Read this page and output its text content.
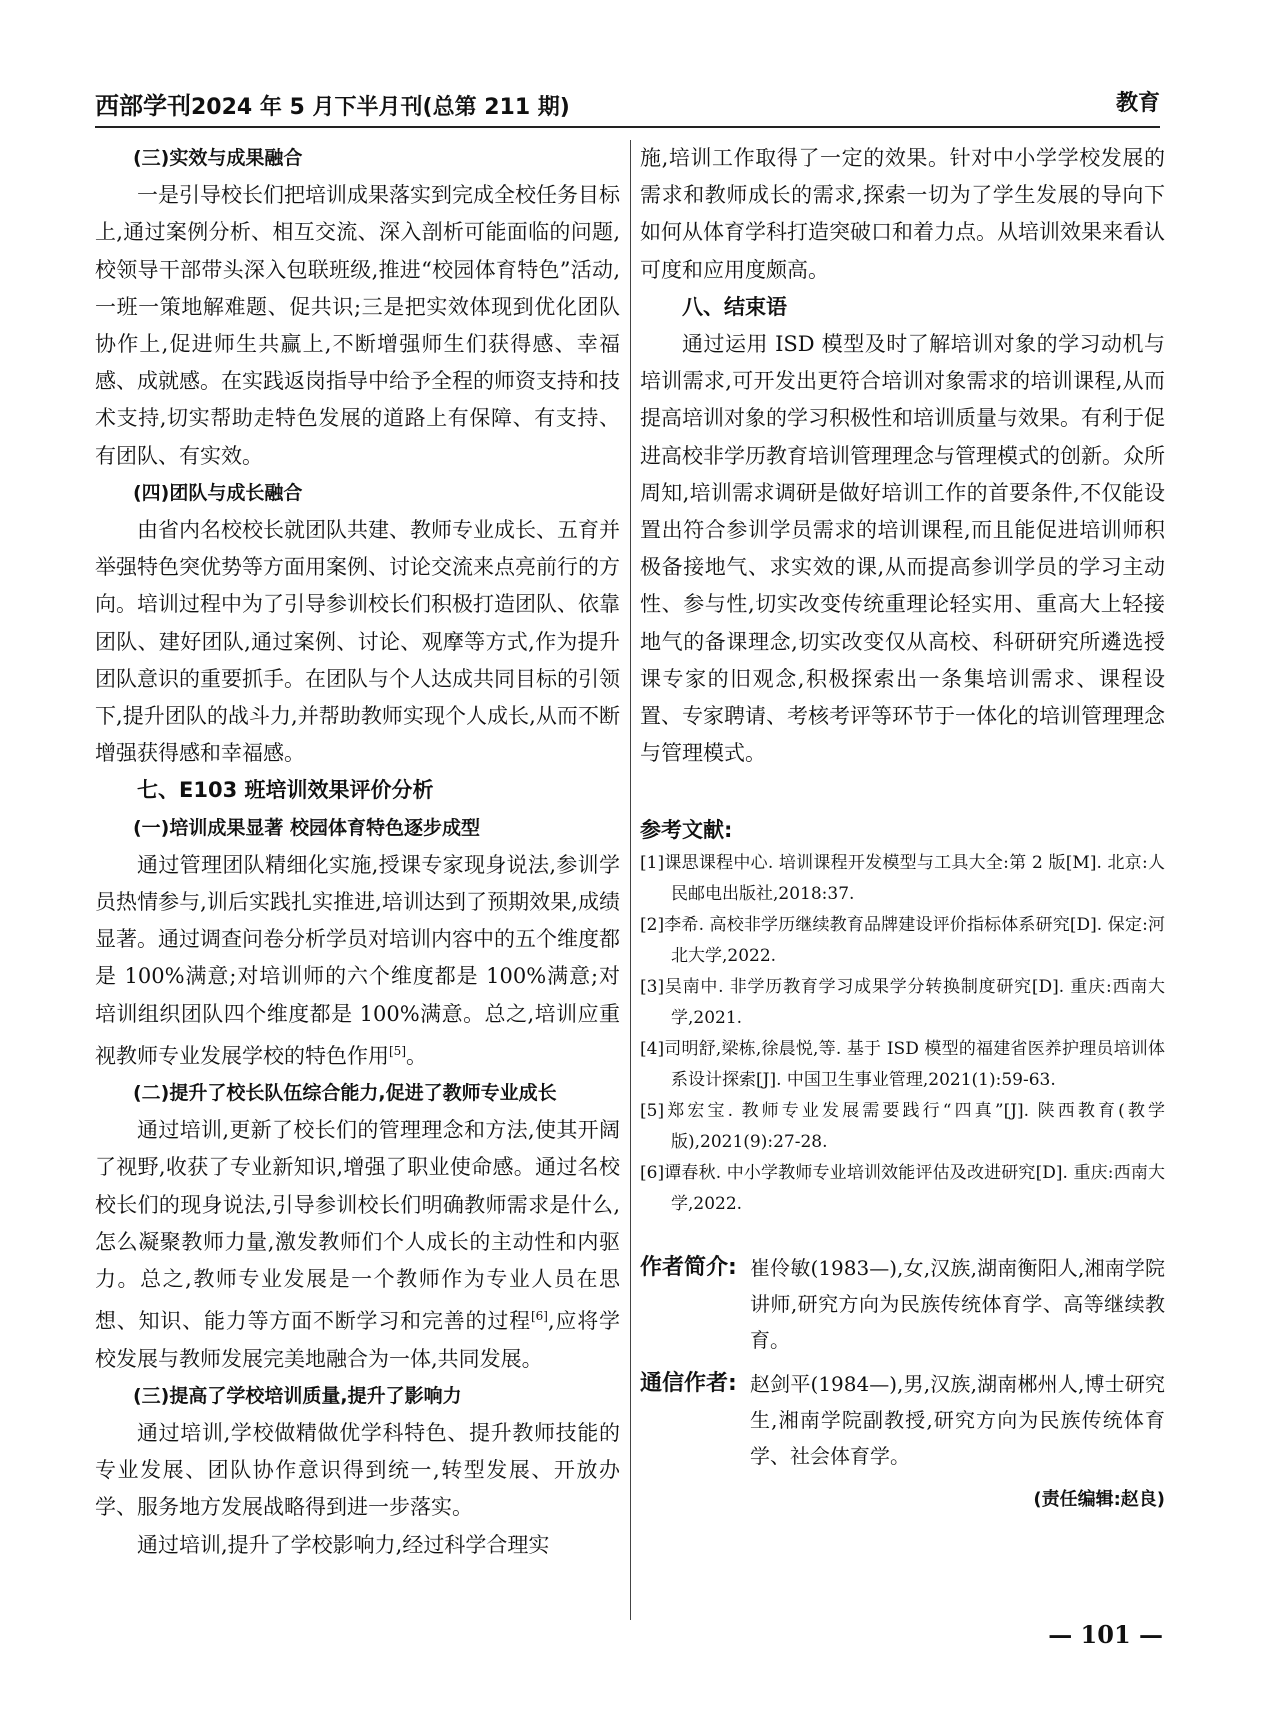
西部学刊2024 年 5 月下半月刊(总第 211 期)	教育
(三)实效与成果融合

一是引导校长们把培训成果落实到完成全校任务目标上,通过案例分析、相互交流、深入剖析可能面临的问题,校领导干部带头深入包联班级,推进“校园体育特色”活动,一班一策地解难题、促共识;三是把实效体现到优化团队协作上,促进师生共赢上,不断增强师生们获得感、幸福感、成就感。在实践返岗指导中给予全程的师资支持和技术支持,切实帮助走特色发展的道路上有保障、有支持、有团队、有实效。

(四)团队与成长融合

由省内名校校长就团队共建、教师专业成长、五育并举强特色突优势等方面用案例、讨论交流来点亮前行的方向。培训过程中为了引导参训校长们积极打造团队、依靠团队、建好团队,通过案例、讨论、观摩等方式,作为提升团队意识的重要抓手。在团队与个人达成共同目标的引领下,提升团队的战斗力,并帮助教师实现个人成长,从而不断增强获得感和幸福感。

七、E103 班培训效果评价分析
(一)培训成果显著 校园体育特色逐步成型

通过管理团队精细化实施,授课专家现身说法,参训学员热情参与,训后实践扎实推进,培训达到了预期效果,成绩显著。通过调查问卷分析学员对培训内容中的五个维度都是 100%满意;对培训师的六个维度都是 100%满意;对培训组织团队四个维度都是 100%满意。总之,培训应重视教师专业发展学校的特色作用[5]。

(二)提升了校长队伍综合能力,促进了教师专业成长

通过培训,更新了校长们的管理理念和方法,使其开阔了视野,收获了专业新知识,增强了职业使命感。通过名校校长们的现身说法,引导参训校长们明确教师需求是什么,怎么凝聚教师力量,激发教师们个人成长的主动性和内驱力。总之,教师专业发展是一个教师作为专业人员在思想、知识、能力等方面不断学习和完善的过程[6],应将学校发展与教师发展完美地融合为一体,共同发展。

(三)提高了学校培训质量,提升了影响力

通过培训,学校做精做优学科特色、提升教师技能的专业发展、团队协作意识得到统一,转型发展、开放办学、服务地方发展战略得到进一步落实。

通过培训,提升了学校影响力,经过科学合理实

施,培训工作取得了一定的效果。针对中小学学校发展的需求和教师成长的需求,探索一切为了学生发展的导向下如何从体育学科打造突破口和着力点。从培训效果来看认可度和应用度颇高。

八、结束语

通过运用 ISD 模型及时了解培训对象的学习动机与培训需求,可开发出更符合培训对象需求的培训课程,从而提高培训对象的学习积极性和培训质量与效果。有利于促进高校非学历教育培训管理理念与管理模式的创新。众所周知,培训需求调研是做好培训工作的首要条件,不仅能设置出符合参训学员需求的培训课程,而且能促进培训师积极备接地气、求实效的课,从而提高参训学员的学习主动性、参与性,切实改变传统重理论轻实用、重高大上轻接地气的备课理念,切实改变仅从高校、科研研究所遴选授课专家的旧观念,积极探索出一条集培训需求、课程设置、专家聘请、考核考评等环节于一体化的培训管理理念与管理模式。

参考文献:
[1]课思课程中心. 培训课程开发模型与工具大全:第 2 版[M]. 北京:人民邮电出版社,2018:37.
[2]李希. 高校非学历继续教育品牌建设评价指标体系研究[D]. 保定:河北大学,2022.
[3]吴南中. 非学历教育学习成果学分转换制度研究[D]. 重庆:西南大学,2021.
[4]司明舒,梁栋,徐晨悦,等. 基于 ISD 模型的福建省医养护理员培训体系设计探索[J]. 中国卫生事业管理,2021(1):59-63.
[5]郑宏宝. 教师专业发展需要践行“四真”[J]. 陕西教育(教学版),2021(9):27-28.
[6]谭春秋. 中小学教师专业培训效能评估及改进研究[D]. 重庆:西南大学,2022.
作者简介: 崔伶敏(1983—),女,汉族,湖南衡阳人,湘南学院讲师,研究方向为民族传统体育学、高等继续教育。
通信作者: 赵剑平(1984—),男,汉族,湖南郴州人,博士研究生,湘南学院副教授,研究方向为民族传统体育学、社会体育学。
(责任编辑:赵良)
— 101 —
